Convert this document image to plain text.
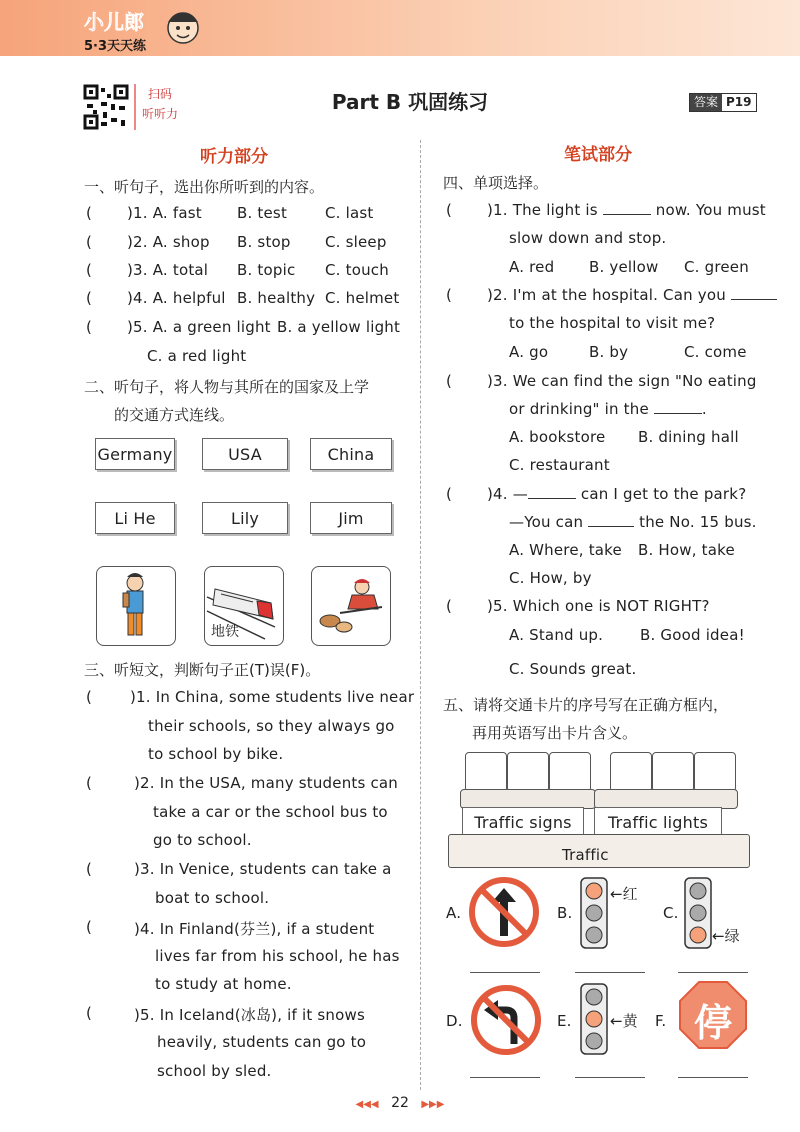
小儿郎
5·3天天练
扫码
听听力	Part B 巩固练习	答案 P19
听力部分
一、听句子，选出你所听到的内容。
( )1. A. fast B. test	C. last
( )2. A. shop B. stop C. sleep
( )3. A. total B. topic C. touch
( )4. A. helpful B. healthy C. helmet
( )5. A. a green light B. a yellow light
C. a red light
二、听句子，将人物与其所在的国家及上学
的交通方式连线。
Germany	USA	China
Li He	Lily	Jim
地铁
三、听短文，判断句子正(T)误(F)。
(	)1. In China, some students live near
their schools, so they always go
to school by bike.
(	)2. In the USA, many students can
take a car or the school bus to
go to school.
(	)3. In Venice, students can take a
boat to school.
(	)4. In Finland(芬兰), if a student
lives far from his school, he has
to study at home.
(	)5. In Iceland(冰岛), if it snows
heavily, students can go to
school by sled.
笔试部分
四、单项选择。
( )1. The light is	now. You must
slow down and stop.
A. red B. yellow C. green
( )2. I'm at the hospital. Can you
to the hospital to visit me?
A. go	B. by	C. come
( )3. We can find the sign "No eating
or drinking" in the	.
A. bookstore B. dining hall
C. restaurant
( )4. —	can I get to the park?
—You can	the No. 15 bus.
A. Where, take B. How, take
C. How, by
( )5. Which one is NOT RIGHT?
A. Stand up. B. Good idea!
C. Sounds great.
五、请将交通卡片的序号写在正确方框内，
再用英语写出卡片含义。
Traffic signs	Traffic lights
Traffic
A.	B.
←红
C.
←绿
D.	E.	←黄 F. 停
◀◀◀ 22 ▶▶▶
